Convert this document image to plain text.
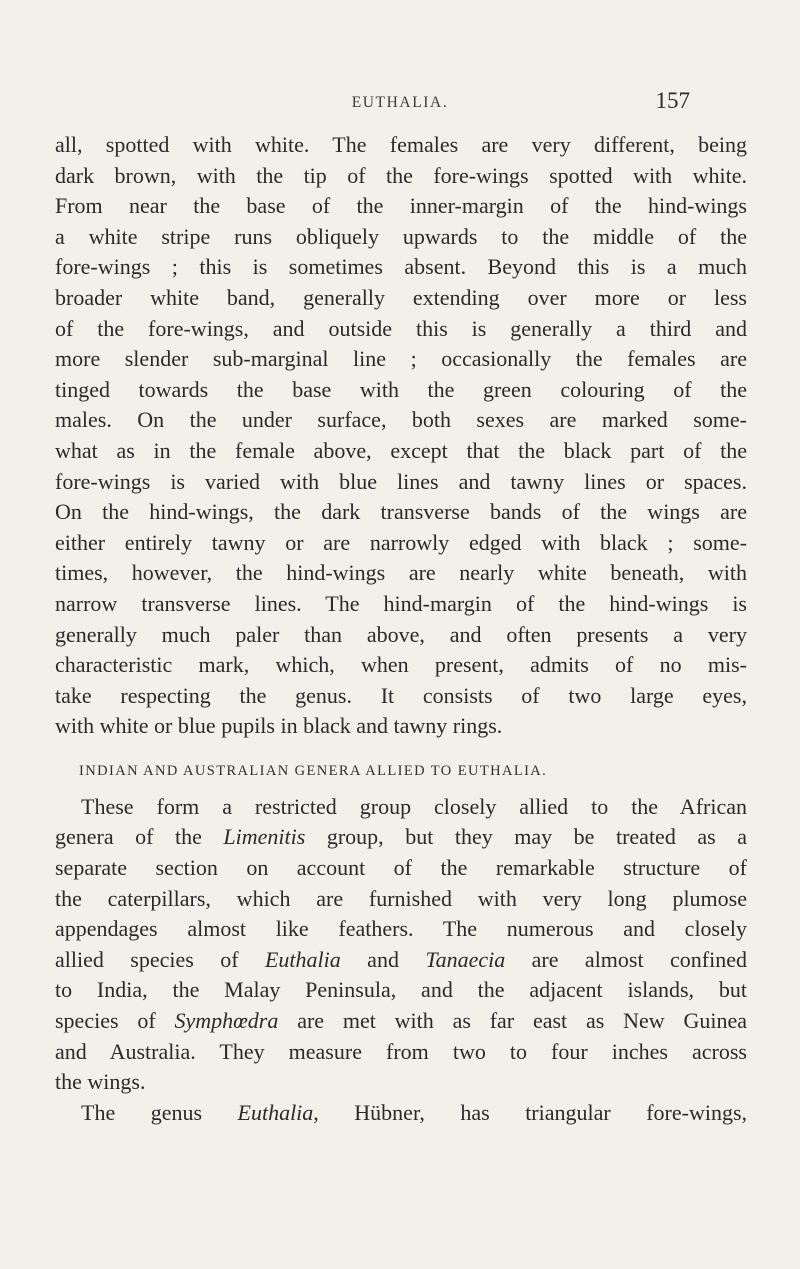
EUTHALIA.	157
all, spotted with white. The females are very different, being
dark brown, with the tip of the fore-wings spotted with white.
From near the base of the inner-margin of the hind-wings
a white stripe runs obliquely upwards to the middle of the
fore-wings ; this is sometimes absent. Beyond this is a much
broader white band, generally extending over more or less
of the fore-wings, and outside this is generally a third and
more slender sub-marginal line ; occasionally the females are
tinged towards the base with the green colouring of the
males. On the under surface, both sexes are marked some-
what as in the female above, except that the black part of the
fore-wings is varied with blue lines and tawny lines or spaces.
On the hind-wings, the dark transverse bands of the wings are
either entirely tawny or are narrowly edged with black ; some-
times, however, the hind-wings are nearly white beneath, with
narrow transverse lines. The hind-margin of the hind-wings is
generally much paler than above, and often presents a very
characteristic mark, which, when present, admits of no mis-
take respecting the genus. It consists of two large eyes,
with white or blue pupils in black and tawny rings.
INDIAN AND AUSTRALIAN GENERA ALLIED TO EUTHALIA.
These form a restricted group closely allied to the African
genera of the Limenitis group, but they may be treated as a
separate section on account of the remarkable structure of
the caterpillars, which are furnished with very long plumose
appendages almost like feathers. The numerous and closely
allied species of Euthalia and Tanaecia are almost confined
to India, the Malay Peninsula, and the adjacent islands, but
species of Symphœdra are met with as far east as New Guinea
and Australia. They measure from two to four inches across
the wings.
The genus Euthalia, Hübner, has triangular fore-wings,
